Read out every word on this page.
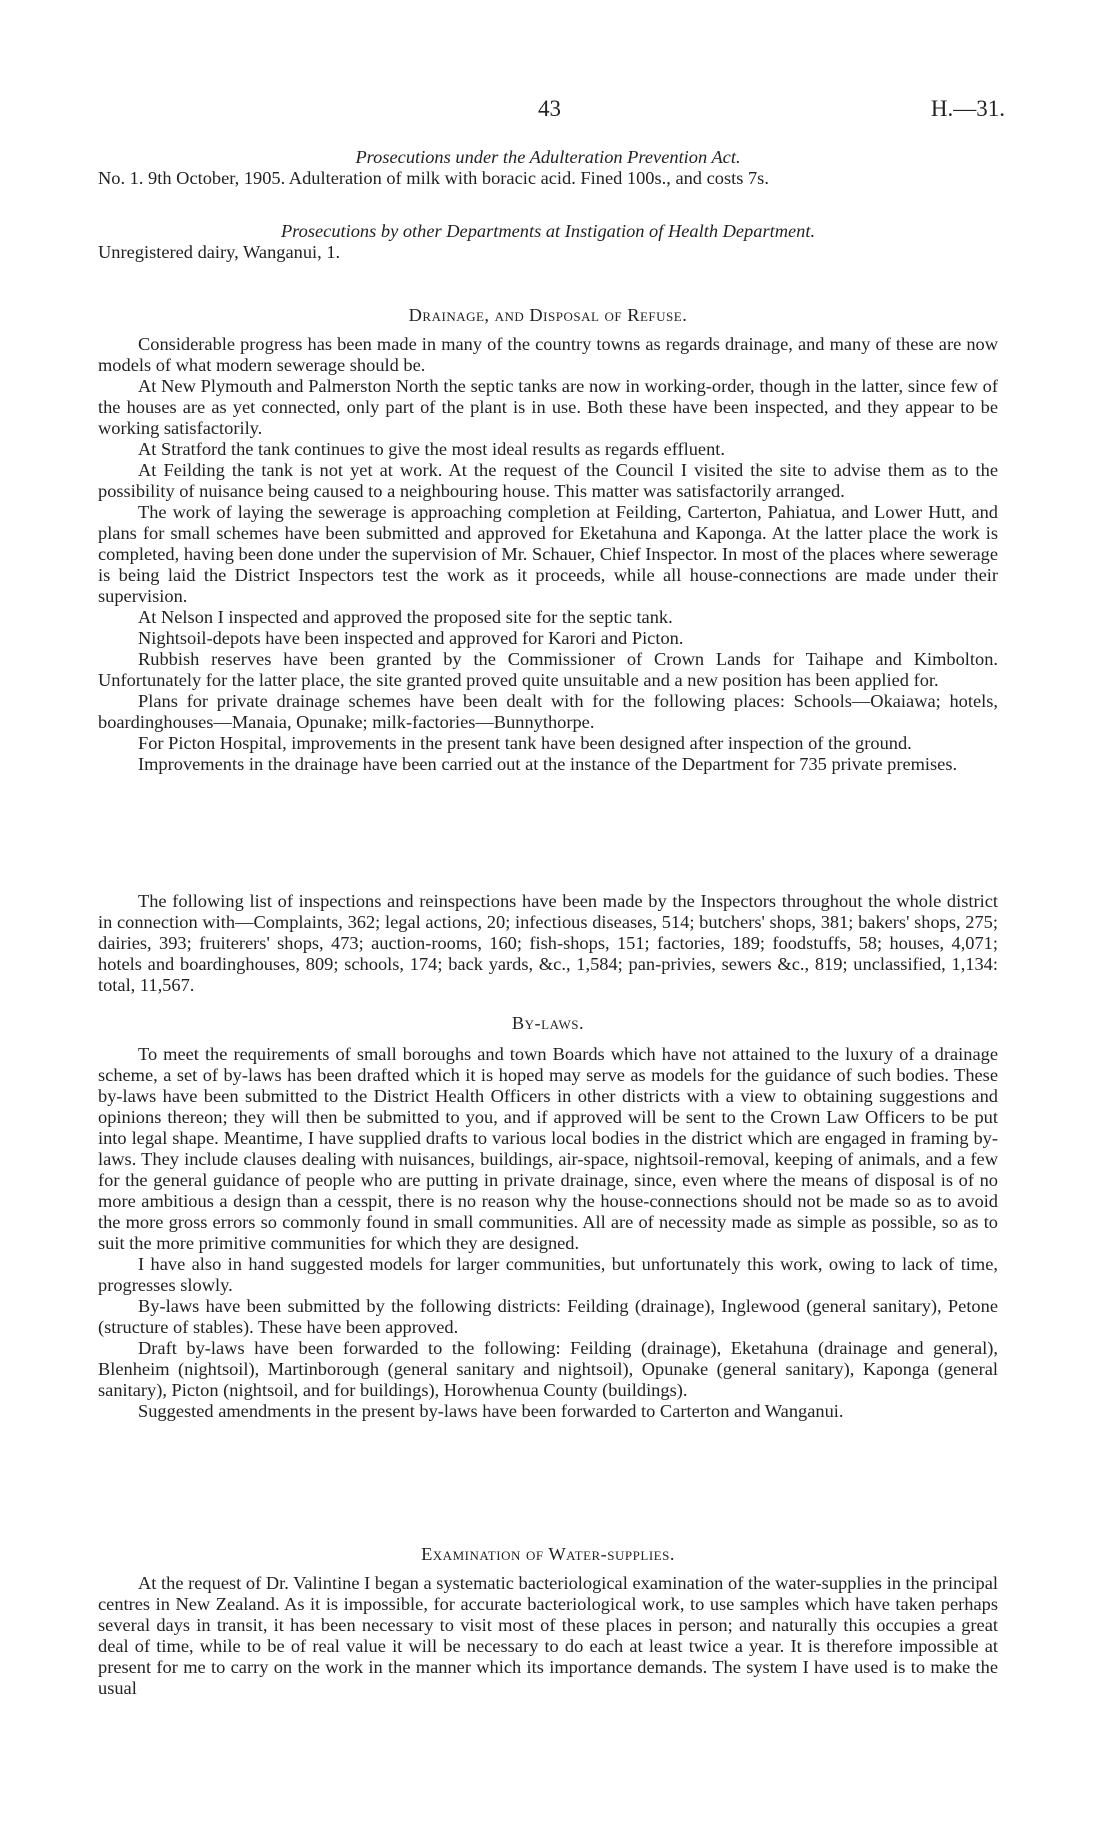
43	H.—31.

Prosecutions under the Adulteration Prevention Act.

No. 1. 9th October, 1905. Adulteration of milk with boracic acid. Fined 100s., and costs 7s.

Prosecutions by other Departments at Instigation of Health Department.

Unregistered dairy, Wanganui, 1.

Drainage, and Disposal of Refuse.

Considerable progress has been made in many of the country towns as regards drainage, and many of these are now models of what modern sewerage should be.

At New Plymouth and Palmerston North the septic tanks are now in working-order, though in the latter, since few of the houses are as yet connected, only part of the plant is in use. Both these have been inspected, and they appear to be working satisfactorily.

At Stratford the tank continues to give the most ideal results as regards effluent.

At Feilding the tank is not yet at work. At the request of the Council I visited the site to advise them as to the possibility of nuisance being caused to a neighbouring house. This matter was satisfactorily arranged.

The work of laying the sewerage is approaching completion at Feilding, Carterton, Pahiatua, and Lower Hutt, and plans for small schemes have been submitted and approved for Eketahuna and Kaponga. At the latter place the work is completed, having been done under the supervision of Mr. Schauer, Chief Inspector. In most of the places where sewerage is being laid the District Inspectors test the work as it proceeds, while all house-connections are made under their supervision.

At Nelson I inspected and approved the proposed site for the septic tank.

Nightsoil-depots have been inspected and approved for Karori and Picton.

Rubbish reserves have been granted by the Commissioner of Crown Lands for Taihape and Kimbolton. Unfortunately for the latter place, the site granted proved quite unsuitable and a new position has been applied for.

Plans for private drainage schemes have been dealt with for the following places: Schools—Okaiawa; hotels, boardinghouses—Manaia, Opunake; milk-factories—Bunnythorpe.

For Picton Hospital, improvements in the present tank have been designed after inspection of the ground.

Improvements in the drainage have been carried out at the instance of the Department for 735 private premises.

The following list of inspections and reinspections have been made by the Inspectors throughout the whole district in connection with—Complaints, 362; legal actions, 20; infectious diseases, 514; butchers' shops, 381; bakers' shops, 275; dairies, 393; fruiterers' shops, 473; auction-rooms, 160; fish-shops, 151; factories, 189; foodstuffs, 58; houses, 4,071; hotels and boardinghouses, 809; schools, 174; back yards, &c., 1,584; pan-privies, sewers &c., 819; unclassified, 1,134: total, 11,567.

By-laws.

To meet the requirements of small boroughs and town Boards which have not attained to the luxury of a drainage scheme, a set of by-laws has been drafted which it is hoped may serve as models for the guidance of such bodies. These by-laws have been submitted to the District Health Officers in other districts with a view to obtaining suggestions and opinions thereon; they will then be submitted to you, and if approved will be sent to the Crown Law Officers to be put into legal shape. Meantime, I have supplied drafts to various local bodies in the district which are engaged in framing by-laws. They include clauses dealing with nuisances, buildings, air-space, nightsoil-removal, keeping of animals, and a few for the general guidance of people who are putting in private drainage, since, even where the means of disposal is of no more ambitious a design than a cesspit, there is no reason why the house-connections should not be made so as to avoid the more gross errors so commonly found in small communities. All are of necessity made as simple as possible, so as to suit the more primitive communities for which they are designed.

I have also in hand suggested models for larger communities, but unfortunately this work, owing to lack of time, progresses slowly.

By-laws have been submitted by the following districts: Feilding (drainage), Inglewood (general sanitary), Petone (structure of stables). These have been approved.

Draft by-laws have been forwarded to the following: Feilding (drainage), Eketahuna (drainage and general), Blenheim (nightsoil), Martinborough (general sanitary and nightsoil), Opunake (general sanitary), Kaponga (general sanitary), Picton (nightsoil, and for buildings), Horowhenua County (buildings).

Suggested amendments in the present by-laws have been forwarded to Carterton and Wanganui.

Examination of Water-supplies.

At the request of Dr. Valintine I began a systematic bacteriological examination of the water-supplies in the principal centres in New Zealand. As it is impossible, for accurate bacteriological work, to use samples which have taken perhaps several days in transit, it has been necessary to visit most of these places in person; and naturally this occupies a great deal of time, while to be of real value it will be necessary to do each at least twice a year. It is therefore impossible at present for me to carry on the work in the manner which its importance demands. The system I have used is to make the usual
